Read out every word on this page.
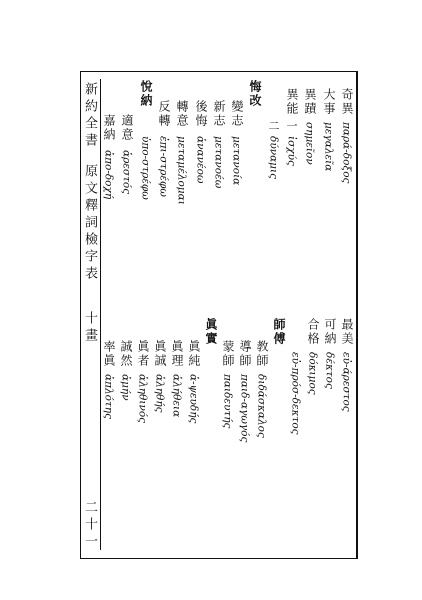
新約全書
原文釋詞檢字表
十畫
二十一
奇異
παρά-δοξος
大事
μεγαλεῖα
異蹟
σημεῖον
異能
一
ἰσχύς
二
δύναμις
悔改
變志
μετανοία
新志
μετανοέω
後悔
ἀνανέοω
轉意
μεταμέλομαι
反轉
ἐπι-στρέφω
悅納
ὑπο-στρέφω
適意
ἀρεστός
嘉納
ἀπο-δοχή
最美
εὐ-άρεστος
可納
δέκτος
合格
δόκιμος
εὐ-πρόσ-δεκτος
師傅
教師
διδάσκαλος
導師
παιδ-αγωγός
蒙師
παιδευτής
眞實
眞純
ἀ-ψευδής
眞理
ἀλήθεια
眞誠
ἀληθής
眞者
ἀληθινός
誠然
ἀμήν
率眞
ἀπλότης
